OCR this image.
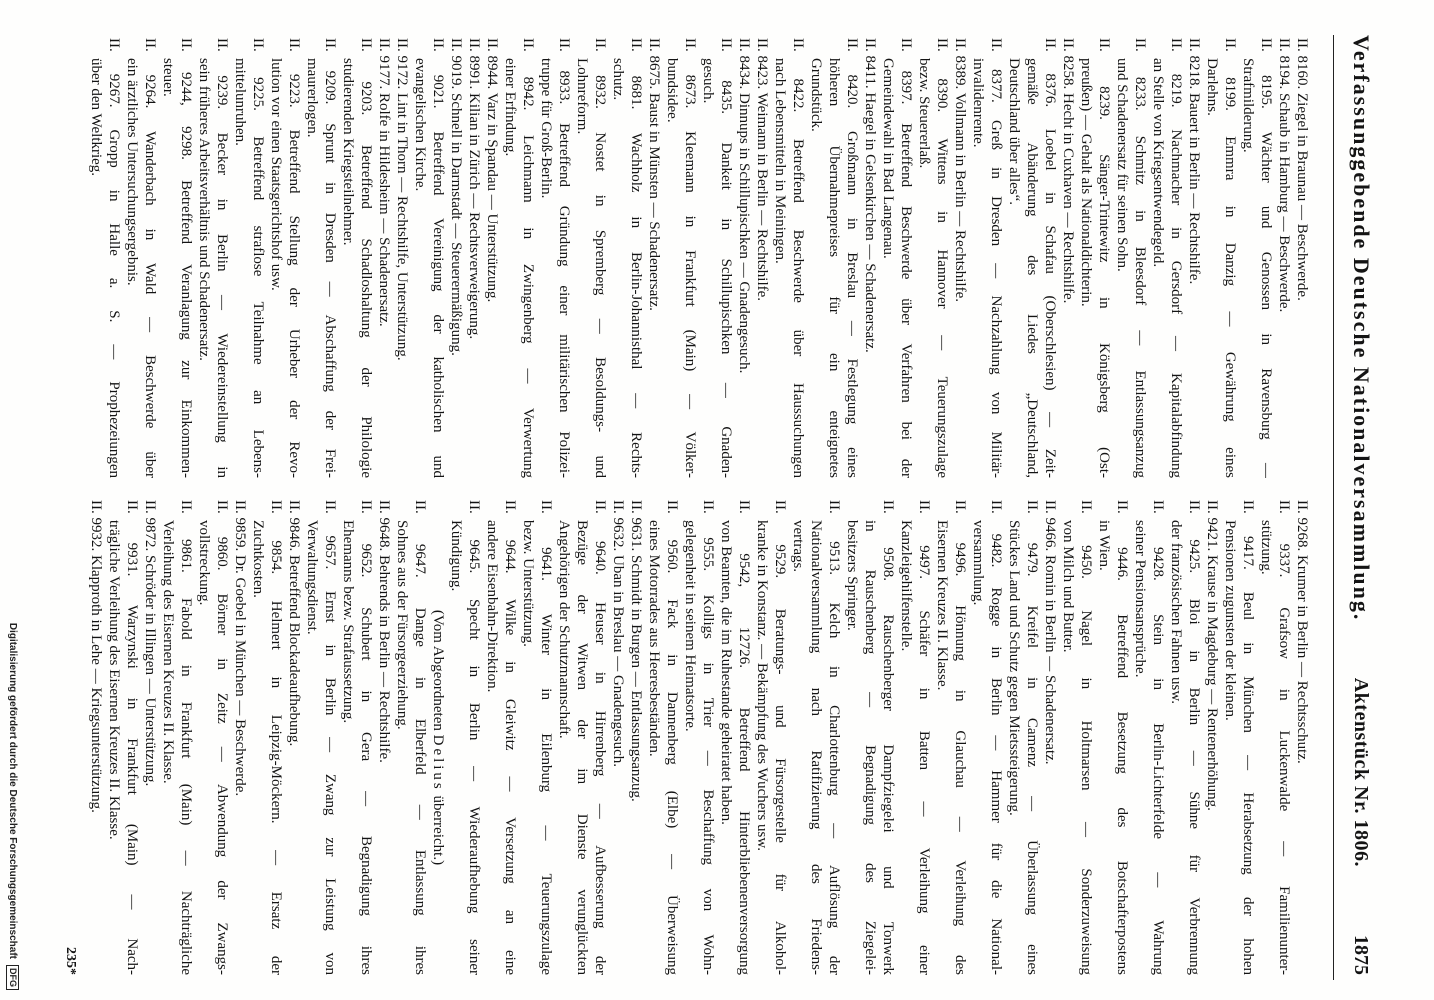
Verfassunggebende Deutsche Nationalversammlung.
Aktenstück Nr. 1806.
1875
II. 8160. Ziegel in Braunau — Beschwerde.
II. 8194. Schaub in Hamburg — Beschwerde.
II. 8195. Wächter und Genossen in Ravensburg —
Strafmilderung.
II. 8199. Emmra in Danzig — Gewährung eines
Darlehns.
II. 8218. Bauert in Berlin — Rechtshilfe.
II. 8219. Nachmacher in Gersdorf — Kapitalabfindung
an Stelle von Kriegsentwendegeld.
II. 8233. Schmitz in Bleesdorf — Entlassungsanzug
und Schadenersatz für seinen Sohn.
II. 8239. Sänger-Trintewitz in Königsberg (Ost-
preußen) — Gehalt als Nationaldichterin.
II. 8258. Hecht in Cuxhaven — Rechtshilfe.
II. 8376. Loebel in Schafau (Oberschlesien) — Zeit-
gemäße Abänderung des Liedes „Deutschland,
Deutschland über alles“.
II. 8377. Greß in Dresden — Nachzahlung von Militär-
invalidenrente.
II. 8389. Vollmann in Berlin — Rechtshilfe.
II. 8390. Wittens in Hannover — Teuerungszulage
bezw. Steuererlaß.
II. 8397. Betreffend Beschwerde über Verfahren bei der
Gemeindewahl in Bad Langenau.
II. 8411. Haegel in Gelsenkirchen — Schadenersatz.
II. 8420. Großmann in Breslau — Festlegung eines
höheren Übernahmepreises für ein enteignetes
Grundstück.
II. 8422. Betreffend Beschwerde über Haussuchungen
nach Lebensmitteln in Meiningen.
II. 8423. Weimann in Berlin — Rechtshilfe.
II. 8434. Dinnups in Schillupischken — Gnadengesuch.
II. 8435. Dankeit in Schillupischken — Gnaden-
gesuch.
II. 8673. Kleemann in Frankfurt (Main) — Völker-
bundsidee.
II. 8675. Baust in Münsten — Schadenersatz.
II. 8681. Wachholz in Berlin-Johannisthal — Rechts-
schutz.
II. 8932. Nostet in Spremberg — Besoldungs- und
Lohnreform.
II. 8933. Betreffend Gründung einer militärischen Polizei-
truppe für Groß-Berlin.
II. 8942. Leichmann in Zwingenberg — Verwertung
einer Erfindung.
II. 8944. Varz in Spandau — Unterstützung.
II. 8991. Kilian in Zürich — Rechtsverweigerung.
II. 9019. Schnell in Darmstadt — Steuerermäßigung.
II. 9021. Betreffend Vereinigung der katholischen und
evangelischen Kirche.
II. 9172. Lint in Thorn — Rechtshilfe, Unterstützung.
II. 9177. Rolfe in Hildesheim — Schadenersatz.
II. 9203. Betreffend Schadloshaltung der Philologie
studierenden Kriegsteilnehmer.
II. 9209. Sprunt in Dresden — Abschaffung der Frei-
maurerlogen.
II. 9223. Betreffend Stellung der Urheber der Revo-
lution vor einen Staatsgerichtshof usw.
II. 9225. Betreffend straflose Teilnahme an Lebens-
mittelunruhen.
II. 9239. Becker in Berlin — Wiedereinstellung in
sein früheres Arbeitsverhältnis und Schadenersatz.
II. 9244, 9298. Betreffend Veranlagung zur Einkommen-
steuer.
II. 9264. Wanderbach in Wald — Beschwerde über
ein ärztliches Untersuchungsergebnis.
II. 9267. Gropp in Halle a. S. — Prophezeiungen
über den Weltkrieg.
II. 9268. Krumer in Berlin — Rechtsschutz.
II. 9337. Grafsow in Luckenwalde — Familienunter-
stützung.
II. 9417. Beul in München — Herabsetzung der hohen
Pensionen zugunsten der kleinen.
II. 9421. Krause in Magdeburg — Rentenerhöhung.
II. 9425. Bloi in Berlin — Sühne für Verbrennung
der französischen Fahnen usw.
II. 9428. Stein in Berlin-Lichterfelde — Wahrung
seiner Pensionsansprüche.
II. 9446. Betreffend Besetzung des Botschafterpostens
in Wien.
II. 9450. Nagel in Holtmarsen — Sonderzuweisung
von Milch und Butter.
II. 9466. Romin in Berlin — Schadenersatz.
II. 9479. Kreifel in Camenz — Überlassung eines
Stückes Land und Schutz gegen Mietssteigerung.
II. 9482. Rogge in Berlin — Hammer für die National-
versammlung.
II. 9496. Hönnung in Glauchau — Verleihung des
Eisernen Kreuzes II. Klasse.
II. 9497. Schäfer in Batten — Verleihung einer
Kanzleigehilfenstelle.
II. 9508. Rauschenberger Dampfziegelei und Tonwerk
in Rauschenberg — Begnadigung des Ziegelei-
besitzers Springer.
II. 9513. Kelch in Charlottenburg — Auflösung der
Nationalversammlung nach Ratifizierung des Friedens-
vertrags.
II. 9529. Beratungs- und Fürsorgestelle für Alkohol-
kranke in Konstanz. — Bekämpfung des Wuchers usw.
II. 9542, 12726. Betreffend Hinterbliebenenversorgung
von Beamten, die im Ruhestande geheiratet haben.
II. 9555. Kolligs in Trier — Beschaffung von Wohn-
gelegenheit in seinem Heimatsorte.
II. 9560. Fack in Dannenberg (Elbe) — Überweisung
eines Motorrades aus Heeresbeständen.
II. 9631. Schmidt in Burgen — Entlassungsanzug.
II. 9632. Uban in Breslau — Gnadengesuch.
II. 9640. Heuser in Hirrenberg — Aufbesserung der
Bezüge der Witwen der im Dienste verunglückten
Angehörigen der Schutzmannschaft.
II. 9641. Winter in Eilenburg — Teuerungszulage
bezw. Unterstützung.
II. 9644. Wilke in Gleiwitz — Versetzung an eine
andere Eisenbahn-Direktion.
II. 9645. Specht in Berlin — Wiederaufhebung seiner
Kündigung.
(Vom Abgeordneten Delius überreicht.)
II. 9647. Dange in Elberfeld — Entlassung ihres
Sohnes aus der Fürsorgeerziehung.
II. 9648. Behrends in Berlin — Rechtshilfe.
II. 9652. Schubert in Gera — Begnadigung ihres
Ehemanns bezw. Strafaussetzung.
II. 9657. Ernst in Berlin — Zwang zur Leistung von
Verwaltungsdienst.
II. 9846. Betreffend Blockadeaufhebung.
II. 9854. Helmert in Leipzig-Möckern. — Ersatz der
Zuchtkosten.
II. 9859. Dr. Goebel in München — Beschwerde.
II. 9860. Börner in Zeitz — Abwendung der Zwangs-
vollstreckung.
II. 9861. Fabold in Frankfurt (Main) — Nachträgliche
Verleihung des Eisernen Kreuzes II. Klasse.
II. 9872. Schröder in Illingen — Unterstützung.
II. 9931. Warzynski in Frankfurt (Main) — Nach-
trägliche Verleihung des Eisernen Kreuzes II. Klasse.
II. 9932. Klapproth in Lehe — Kriegsunterstützung.
235*
Digitalisierung gefördert durch die Deutsche Forschungsgemeinschaft
DFG
